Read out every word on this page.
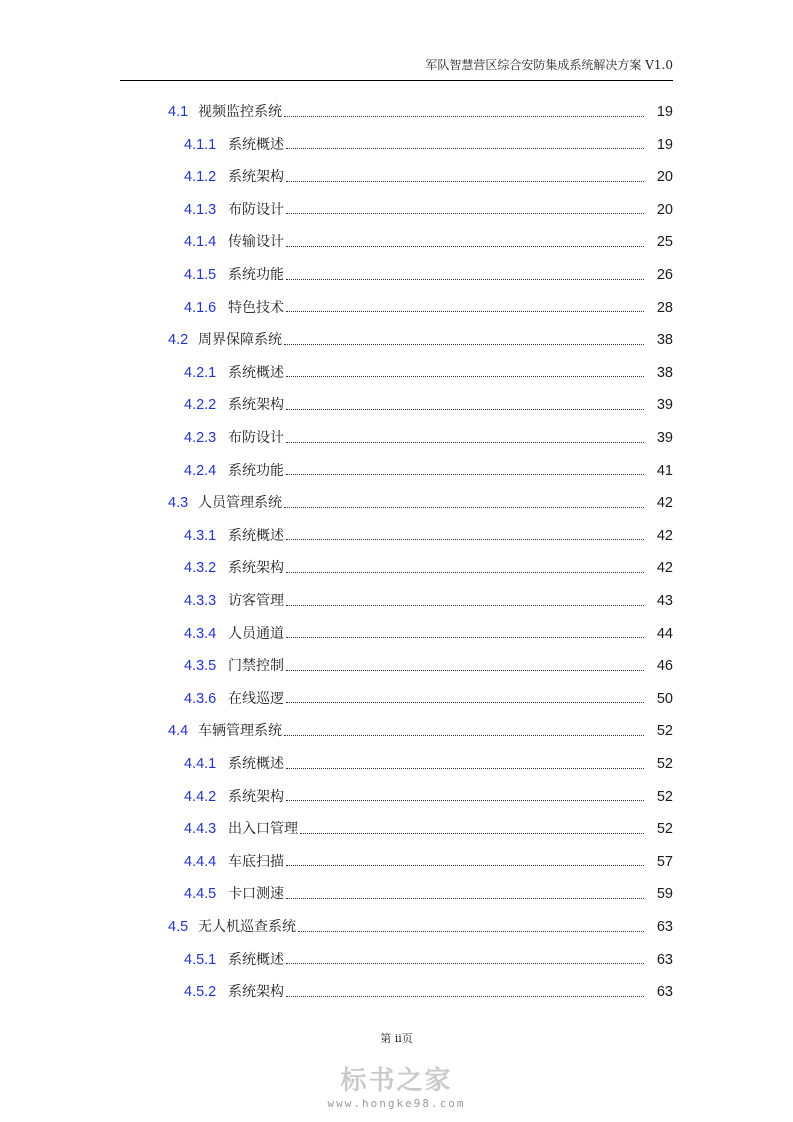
军队智慧营区综合安防集成系统解决方案 V1.0
4.1 视频监控系统	19
4.1.1 系统概述	19
4.1.2 系统架构	20
4.1.3 布防设计	20
4.1.4 传输设计	25
4.1.5 系统功能	26
4.1.6 特色技术	28
4.2 周界保障系统	38
4.2.1 系统概述	38
4.2.2 系统架构	39
4.2.3 布防设计	39
4.2.4 系统功能	41
4.3 人员管理系统	42
4.3.1 系统概述	42
4.3.2 系统架构	42
4.3.3 访客管理	43
4.3.4 人员通道	44
4.3.5 门禁控制	46
4.3.6 在线巡逻	50
4.4 车辆管理系统	52
4.4.1 系统概述	52
4.4.2 系统架构	52
4.4.3 出入口管理	52
4.4.4 车底扫描	57
4.4.5 卡口测速	59
4.5 无人机巡查系统	63
4.5.1 系统概述	63
4.5.2 系统架构	63
第 ii页
标书之家
www.hongke98.com
